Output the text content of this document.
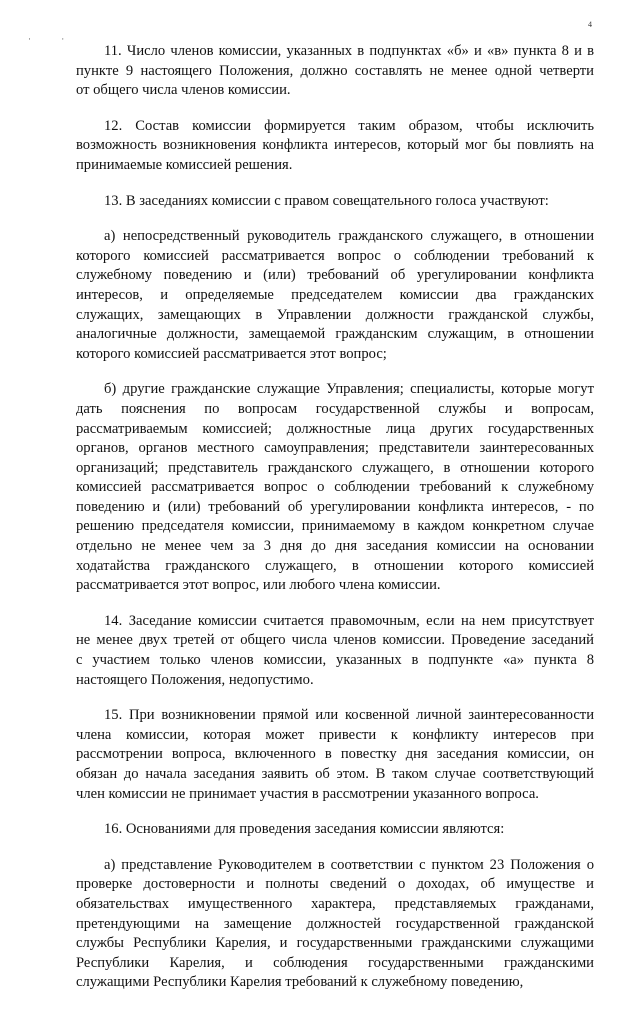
4
· ·
11. Число членов комиссии, указанных в подпунктах «б» и «в» пункта 8 и в
пункте 9 настоящего Положения, должно составлять не менее одной четверти
от общего числа членов комиссии.
12. Состав комиссии формируется таким образом, чтобы исключить
возможность возникновения конфликта интересов, который мог бы повлиять на
принимаемые комиссией решения.
13. В заседаниях комиссии с правом совещательного голоса участвуют:
а) непосредственный руководитель гражданского служащего, в отношении
которого комиссией рассматривается вопрос о соблюдении требований к
служебному поведению и (или) требований об урегулировании конфликта
интересов, и определяемые председателем комиссии два гражданских
служащих, замещающих в Управлении должности гражданской службы,
аналогичные должности, замещаемой гражданским служащим, в отношении
которого комиссией рассматривается этот вопрос;
б) другие гражданские служащие Управления; специалисты, которые могут
дать пояснения по вопросам государственной службы и вопросам,
рассматриваемым комиссией; должностные лица других государственных
органов, органов местного самоуправления; представители заинтересованных
организаций; представитель гражданского служащего, в отношении которого
комиссией рассматривается вопрос о соблюдении требований к служебному
поведению и (или) требований об урегулировании конфликта интересов, - по
решению председателя комиссии, принимаемому в каждом конкретном случае
отдельно не менее чем за 3 дня до дня заседания комиссии на основании
ходатайства гражданского служащего, в отношении которого комиссией
рассматривается этот вопрос, или любого члена комиссии.
14. Заседание комиссии считается правомочным, если на нем присутствует
не менее двух третей от общего числа членов комиссии. Проведение заседаний
с участием только членов комиссии, указанных в подпункте «а» пункта 8
настоящего Положения, недопустимо.
15. При возникновении прямой или косвенной личной заинтересованности
члена комиссии, которая может привести к конфликту интересов при
рассмотрении вопроса, включенного в повестку дня заседания комиссии, он
обязан до начала заседания заявить об этом. В таком случае соответствующий
член комиссии не принимает участия в рассмотрении указанного вопроса.
16. Основаниями для проведения заседания комиссии являются:
а) представление Руководителем в соответствии с пунктом 23 Положения о
проверке достоверности и полноты сведений о доходах, об имуществе и
обязательствах имущественного характера, представляемых гражданами,
претендующими на замещение должностей государственной гражданской
службы Республики Карелия, и государственными гражданскими служащими
Республики Карелия, и соблюдения государственными гражданскими
служащими Республики Карелия требований к служебному поведению,
